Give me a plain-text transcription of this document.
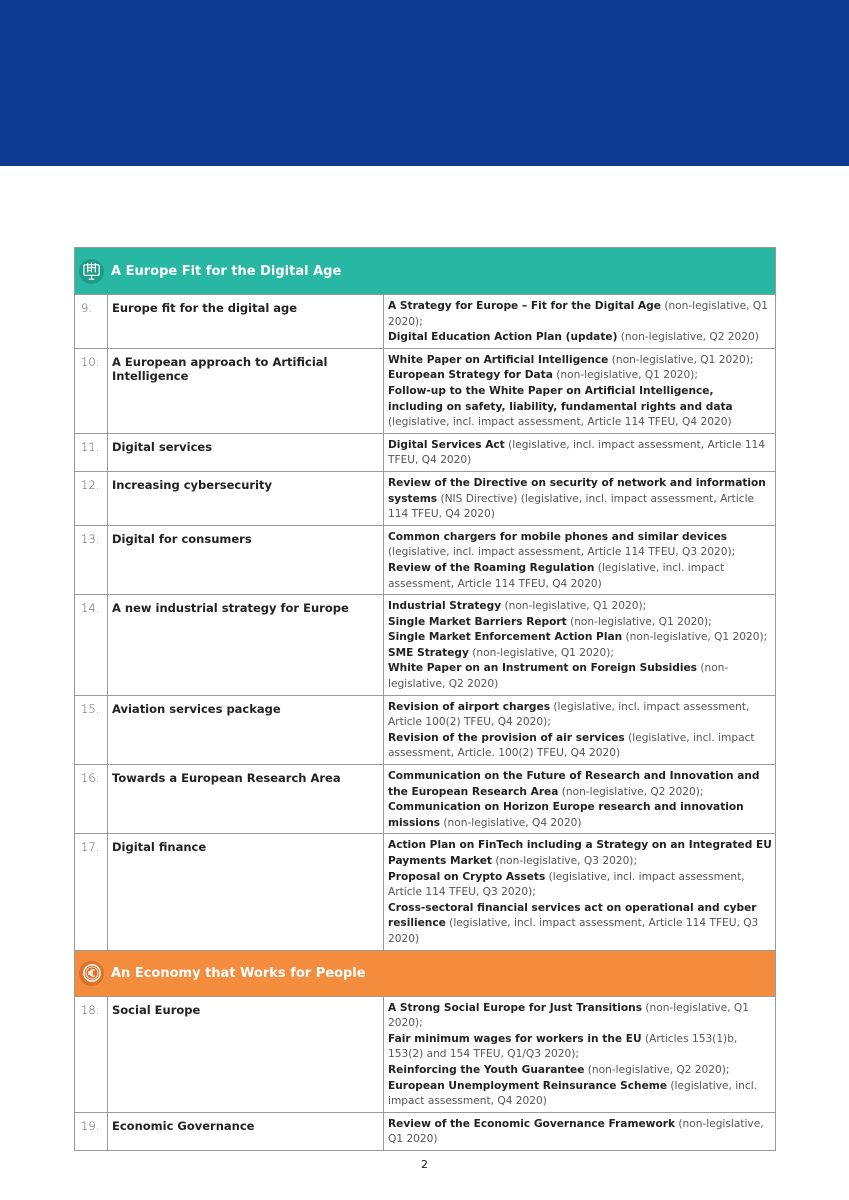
A Europe Fit for the Digital Age		

9.	Europe fit for the digital age	A Strategy for Europe – Fit for the Digital Age (non-legislative, Q1 2020);
Digital Education Action Plan (update) (non-legislative, Q2 2020)

10.	A European approach to Artificial Intelligence	White Paper on Artificial Intelligence (non-legislative, Q1 2020);
European Strategy for Data (non-legislative, Q1 2020);
Follow-up to the White Paper on Artificial Intelligence, including on safety, liability, fundamental rights and data (legislative, incl. impact assessment, Article 114 TFEU, Q4 2020)

11.	Digital services	Digital Services Act (legislative, incl. impact assessment, Article 114 TFEU, Q4 2020)

12.	Increasing cybersecurity	Review of the Directive on security of network and information systems (NIS Directive) (legislative, incl. impact assessment, Article 114 TFEU, Q4 2020)

13.	Digital for consumers	Common chargers for mobile phones and similar devices (legislative, incl. impact assessment, Article 114 TFEU, Q3 2020);
Review of the Roaming Regulation (legislative, incl. impact assessment, Article 114 TFEU, Q4 2020)

14.	A new industrial strategy for Europe	Industrial Strategy (non-legislative, Q1 2020);
Single Market Barriers Report (non-legislative, Q1 2020);
Single Market Enforcement Action Plan (non-legislative, Q1 2020);
SME Strategy (non-legislative, Q1 2020);
White Paper on an Instrument on Foreign Subsidies (non-legislative, Q2 2020)

15.	Aviation services package	Revision of airport charges (legislative, incl. impact assessment, Article 100(2) TFEU, Q4 2020);
Revision of the provision of air services (legislative, incl. impact assessment, Article. 100(2) TFEU, Q4 2020)

16.	Towards a European Research Area	Communication on the Future of Research and Innovation and the European Research Area (non-legislative, Q2 2020);
Communication on Horizon Europe research and innovation missions (non-legislative, Q4 2020)

17.	Digital finance	Action Plan on FinTech including a Strategy on an Integrated EU Payments Market (non-legislative, Q3 2020);
Proposal on Crypto Assets (legislative, incl. impact assessment, Article 114 TFEU, Q3 2020);
Cross-sectoral financial services act on operational and cyber resilience (legislative, incl. impact assessment, Article 114 TFEU, Q3 2020)

An Economy that Works for People		

18.	Social Europe	A Strong Social Europe for Just Transitions (non-legislative, Q1 2020);
Fair minimum wages for workers in the EU (Articles 153(1)b, 153(2) and 154 TFEU, Q1/Q3 2020);
Reinforcing the Youth Guarantee (non-legislative, Q2 2020);
European Unemployment Reinsurance Scheme (legislative, incl. impact assessment, Q4 2020)

19.	Economic Governance	Review of the Economic Governance Framework (non-legislative, Q1 2020)
2
